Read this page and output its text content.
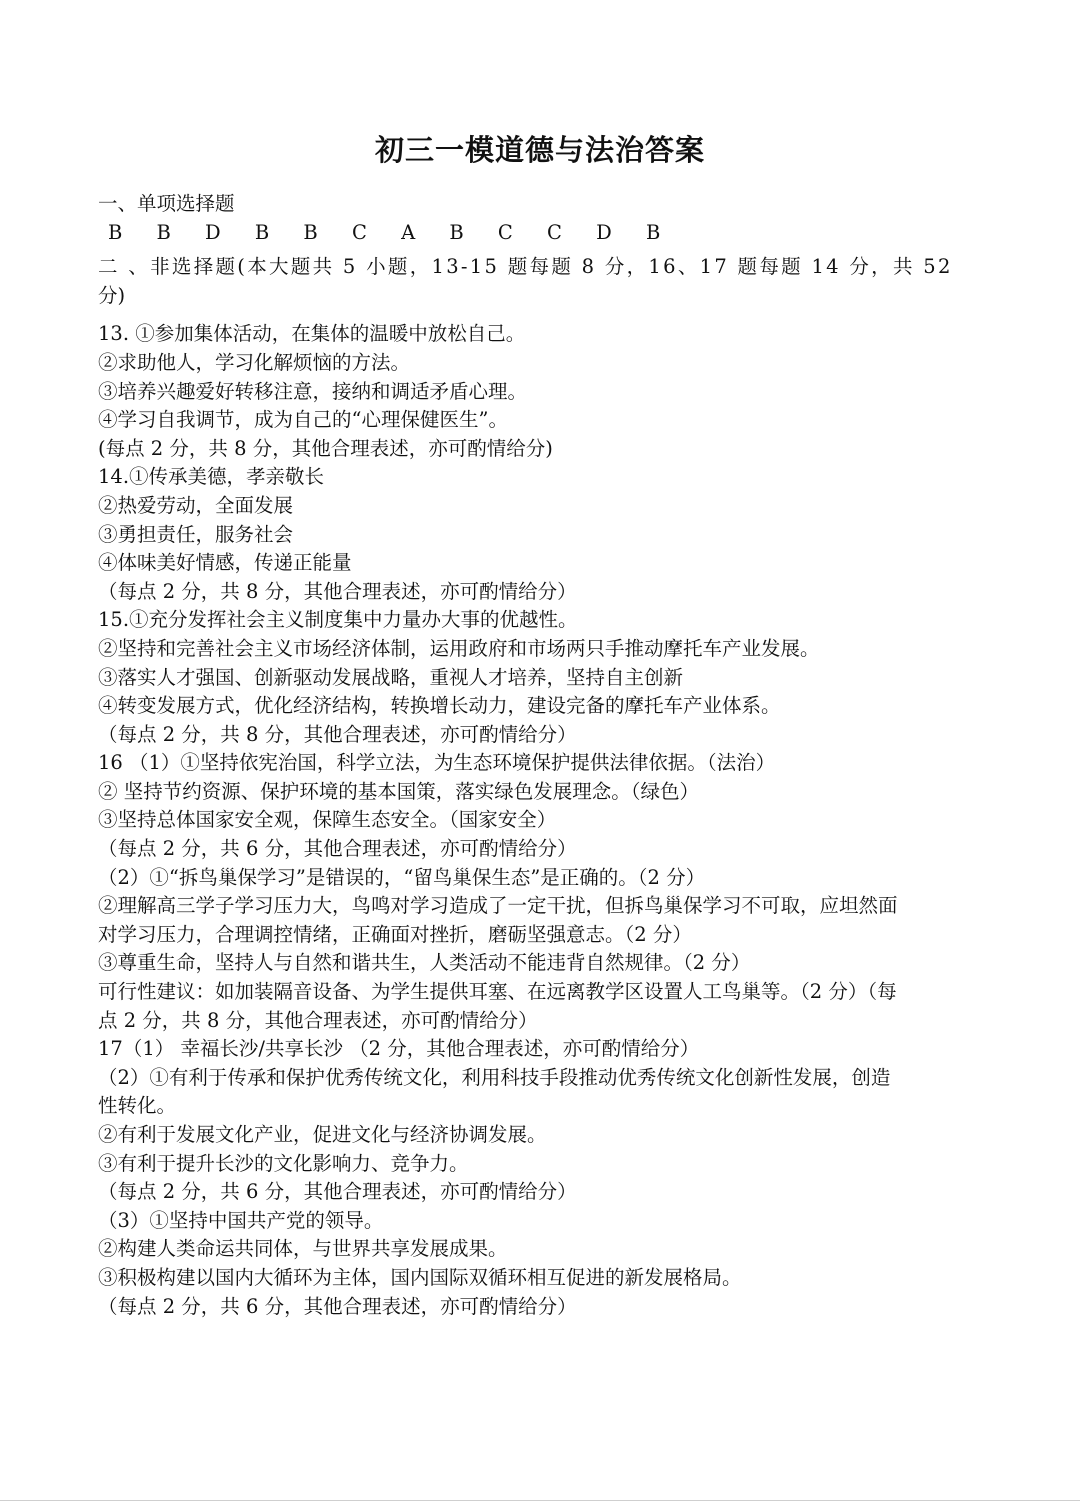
初三一模道德与法治答案
一、单项选择题
B B D B B C A B C C D B
二 、非选择题(本大题共 5 小题，13-15 题每题 8 分，16、17 题每题 14 分，共 52
分)
13. ①参加集体活动，在集体的温暖中放松自己。
②求助他人，学习化解烦恼的方法。
③培养兴趣爱好转移注意，接纳和调适矛盾心理。
④学习自我调节，成为自己的“心理保健医生”。
(每点 2 分，共 8 分，其他合理表述，亦可酌情给分)
14.①传承美德，孝亲敬长
②热爱劳动，全面发展
③勇担责任，服务社会
④体味美好情感，传递正能量
（每点 2 分，共 8 分，其他合理表述，亦可酌情给分）
15.①充分发挥社会主义制度集中力量办大事的优越性。
②坚持和完善社会主义市场经济体制，运用政府和市场两只手推动摩托车产业发展。
③落实人才强国、创新驱动发展战略，重视人才培养，坚持自主创新
④转变发展方式，优化经济结构，转换增长动力，建设完备的摩托车产业体系。
（每点 2 分，共 8 分，其他合理表述，亦可酌情给分）
16 （1）①坚持依宪治国，科学立法，为生态环境保护提供法律依据。（法治）
② 坚持节约资源、保护环境的基本国策，落实绿色发展理念。（绿色）
③坚持总体国家安全观，保障生态安全。（国家安全）
（每点 2 分，共 6 分，其他合理表述，亦可酌情给分）
（2）①“拆鸟巢保学习”是错误的，“留鸟巢保生态”是正确的。（2 分）
②理解高三学子学习压力大，鸟鸣对学习造成了一定干扰，但拆鸟巢保学习不可取，应坦然面
对学习压力，合理调控情绪，正确面对挫折，磨砺坚强意志。（2 分）
③尊重生命，坚持人与自然和谐共生，人类活动不能违背自然规律。（2 分）
可行性建议：如加装隔音设备、为学生提供耳塞、在远离教学区设置人工鸟巢等。（2 分）（每
点 2 分，共 8 分，其他合理表述，亦可酌情给分）
17（1） 幸福长沙/共享长沙 （2 分，其他合理表述，亦可酌情给分）
（2）①有利于传承和保护优秀传统文化，利用科技手段推动优秀传统文化创新性发展，创造
性转化。
②有利于发展文化产业，促进文化与经济协调发展。
③有利于提升长沙的文化影响力、竞争力。
（每点 2 分，共 6 分，其他合理表述，亦可酌情给分）
（3）①坚持中国共产党的领导。
②构建人类命运共同体，与世界共享发展成果。
③积极构建以国内大循环为主体，国内国际双循环相互促进的新发展格局。
（每点 2 分，共 6 分，其他合理表述，亦可酌情给分）
